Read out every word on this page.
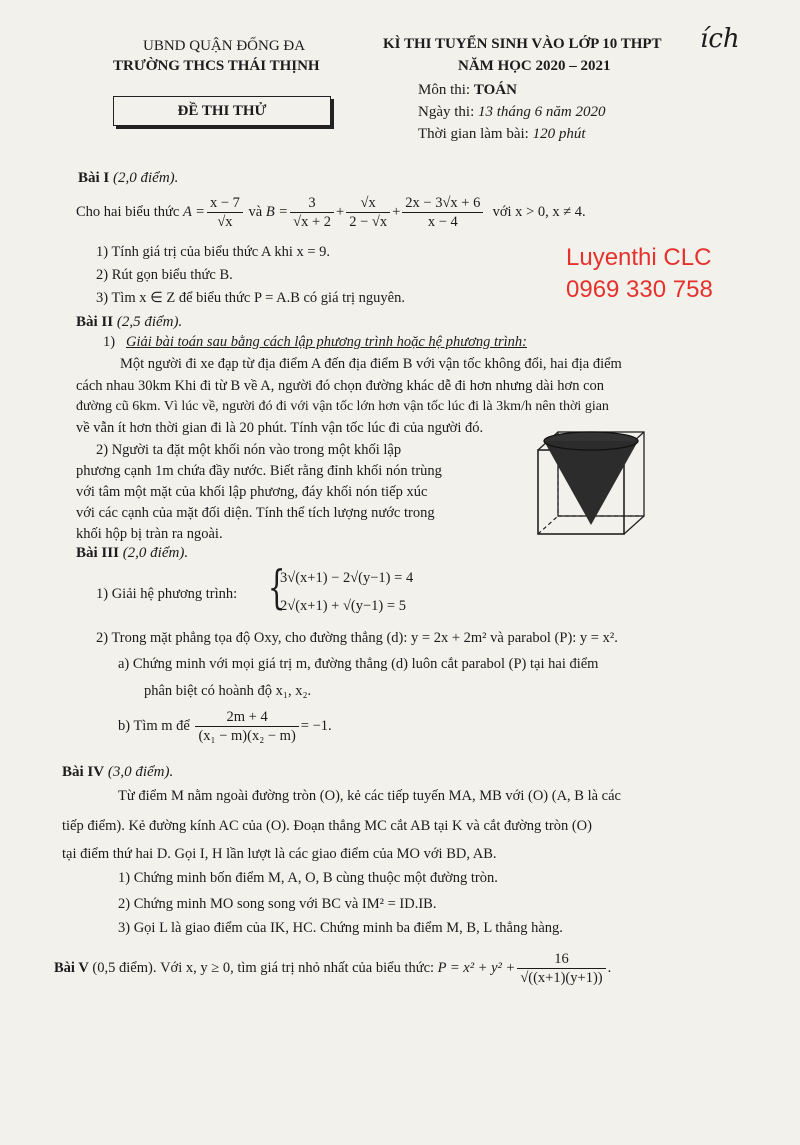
UBND QUẬN ĐỐNG ĐA
TRƯỜNG THCS THÁI THỊNH
ĐỀ THI THỬ
KÌ THI TUYỂN SINH VÀO LỚP 10 THPT ích
NĂM HỌC 2020 – 2021
Môn thi: TOÁN
Ngày thi: 13 tháng 6 năm 2020
Thời gian làm bài: 120 phút
Luyenthi CLC
0969 330 758
Bài I (2,0 điểm).
Cho hai biểu thức
$A = \frac{x - 7}{√x}$
và
$B = \frac{3}{√x + 2} + \frac{√x}{2 - √x} + \frac{2x - 3√x + 6}{x - 4}$
với x > 0, x ≠ 4.
1) Tính giá trị của biểu thức A khi x = 9.
2) Rút gọn biểu thức B.
3) Tìm x ∈ Z để biểu thức P = A.B có giá trị nguyên.
Bài II (2,5 điểm).
1) Giải bài toán sau bằng cách lập phương trình hoặc hệ phương trình:
Một người đi xe đạp từ địa điểm A đến địa điểm B với vận tốc không đổi, hai địa điểm
cách nhau 30km Khi đi từ B về A, người đó chọn đường khác dễ đi hơn nhưng dài hơn con
đường cũ 6km. Vì lúc về, người đó đi với vận tốc lớn hơn vận tốc lúc đi là 3km/h nên thời gian
về vẫn ít hơn thời gian đi là 20 phút. Tính vận tốc lúc đi của người đó.
2) Người ta đặt một khối nón vào trong một khối lập
phương cạnh 1m chứa đầy nước. Biết rằng đỉnh khối nón trùng
với tâm một mặt của khối lập phương, đáy khối nón tiếp xúc
với các cạnh của mặt đối diện. Tính thể tích lượng nước trong
khối hộp bị tràn ra ngoài.
Bài III (2,0 điểm).
1) Giải hệ phương trình: {
3√(x+1) − 2√(y−1) = 4
2√(x+1) + √(y−1) = 5
2) Trong mặt phẳng tọa độ Oxy, cho đường thẳng (d): y = 2x + 2m² và parabol (P): y = x².
a) Chứng minh với mọi giá trị m, đường thẳng (d) luôn cắt parabol (P) tại hai điểm
phân biệt có hoành độ x₁, x₂.
b) Tìm m để
$\frac{2m + 4}{\text{(x₁ − m)(x₂ − m)}} = -1$.
Bài IV (3,0 điểm).
Từ điểm M nằm ngoài đường tròn (O), kẻ các tiếp tuyến MA, MB với (O) (A, B là các
tiếp điểm). Kẻ đường kính AC của (O). Đoạn thẳng MC cắt AB tại K và cắt đường tròn (O)
tại điểm thứ hai D. Gọi I, H lần lượt là các giao điểm của MO với BD, AB.
1) Chứng minh bốn điểm M, A, O, B cùng thuộc một đường tròn.
2) Chứng minh MO song song với BC và IM² = ID.IB.
3) Gọi L là giao điểm của IK, HC. Chứng minh ba điểm M, B, L thẳng hàng.
Bài V
(0,5 điểm).
Với x, y ≥ 0, tìm giá trị nhỏ nhất của biểu thức:
$P = x^2 + y^2 + \frac{16}{√((x+1)(y+1))}$ .
